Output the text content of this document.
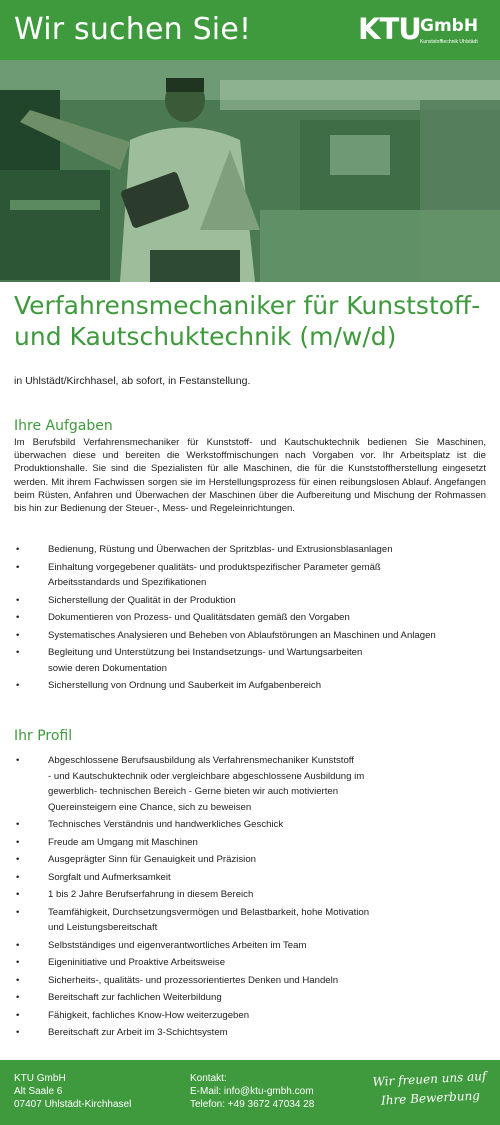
Wir suchen Sie!	KTU GmbH
Kunststofftechnik Uhlstädt
Verfahrensmechaniker für Kunststoff-
und Kautschuktechnik (m/w/d)
in Uhlstädt/Kirchhasel, ab sofort, in Festanstellung.
Ihre Aufgaben
Im Berufsbild Verfahrensmechaniker für Kunststoff- und Kautschuktechnik bedienen Sie Maschinen, überwachen diese und bereiten die Werkstoffmischungen nach Vorgaben vor. Ihr Arbeitsplatz ist die Produktionshalle. Sie sind die Spezialisten für alle Maschinen, die für die Kunststoffherstellung eingesetzt werden. Mit ihrem Fachwissen sorgen sie im Herstellungsprozess für einen reibungslosen Ablauf. Angefangen beim Rüsten, Anfahren und Überwachen der Maschinen über die Aufbereitung und Mischung der Rohmassen bis hin zur Bedienung der Steuer-, Mess- und Regeleinrichtungen.
•	Bedienung, Rüstung und Überwachen der Spritzblas- und Extrusionsblasanlagen
•	Einhaltung vorgegebener qualitäts- und produktspezifischer Parameter gemäß
Arbeitsstandards und Spezifikationen
•	Sicherstellung der Qualität in der Produktion
•	Dokumentieren von Prozess- und Qualitätsdaten gemäß den Vorgaben
•	Systematisches Analysieren und Beheben von Ablaufstörungen an Maschinen und Anlagen
•	Begleitung und Unterstützung bei Instandsetzungs- und Wartungsarbeiten
sowie deren Dokumentation
•	Sicherstellung von Ordnung und Sauberkeit im Aufgabenbereich
Ihr Profil
•	Abgeschlossene Berufsausbildung als Verfahrensmechaniker Kunststoff
- und Kautschuktechnik oder vergleichbare abgeschlossene Ausbildung im
gewerblich- technischen Bereich - Gerne bieten wir auch motivierten
Quereinsteigern eine Chance, sich zu beweisen
•	Technisches Verständnis und handwerkliches Geschick
•	Freude am Umgang mit Maschinen
•	Ausgeprägter Sinn für Genauigkeit und Präzision
•	Sorgfalt und Aufmerksamkeit
•	1 bis 2 Jahre Berufserfahrung in diesem Bereich
•	Teamfähigkeit, Durchsetzungsvermögen und Belastbarkeit, hohe Motivation
und Leistungsbereitschaft
•	Selbstständiges und eigenverantwortliches Arbeiten im Team
•	Eigeninitiative und Proaktive Arbeitsweise
•	Sicherheits-, qualitäts- und prozessorientiertes Denken und Handeln
•	Bereitschaft zur fachlichen Weiterbildung
•	Fähigkeit, fachliches Know-How weiterzugeben
•	Bereitschaft zur Arbeit im 3-Schichtsystem
KTU GmbH
Alt Saale 6
07407 Uhlstädt-Kirchhasel
Kontakt:
E-Mail: info@ktu-gmbh.com
Telefon: +49 3672 47034 28
Wir freuen uns auf
Ihre Bewerbung
